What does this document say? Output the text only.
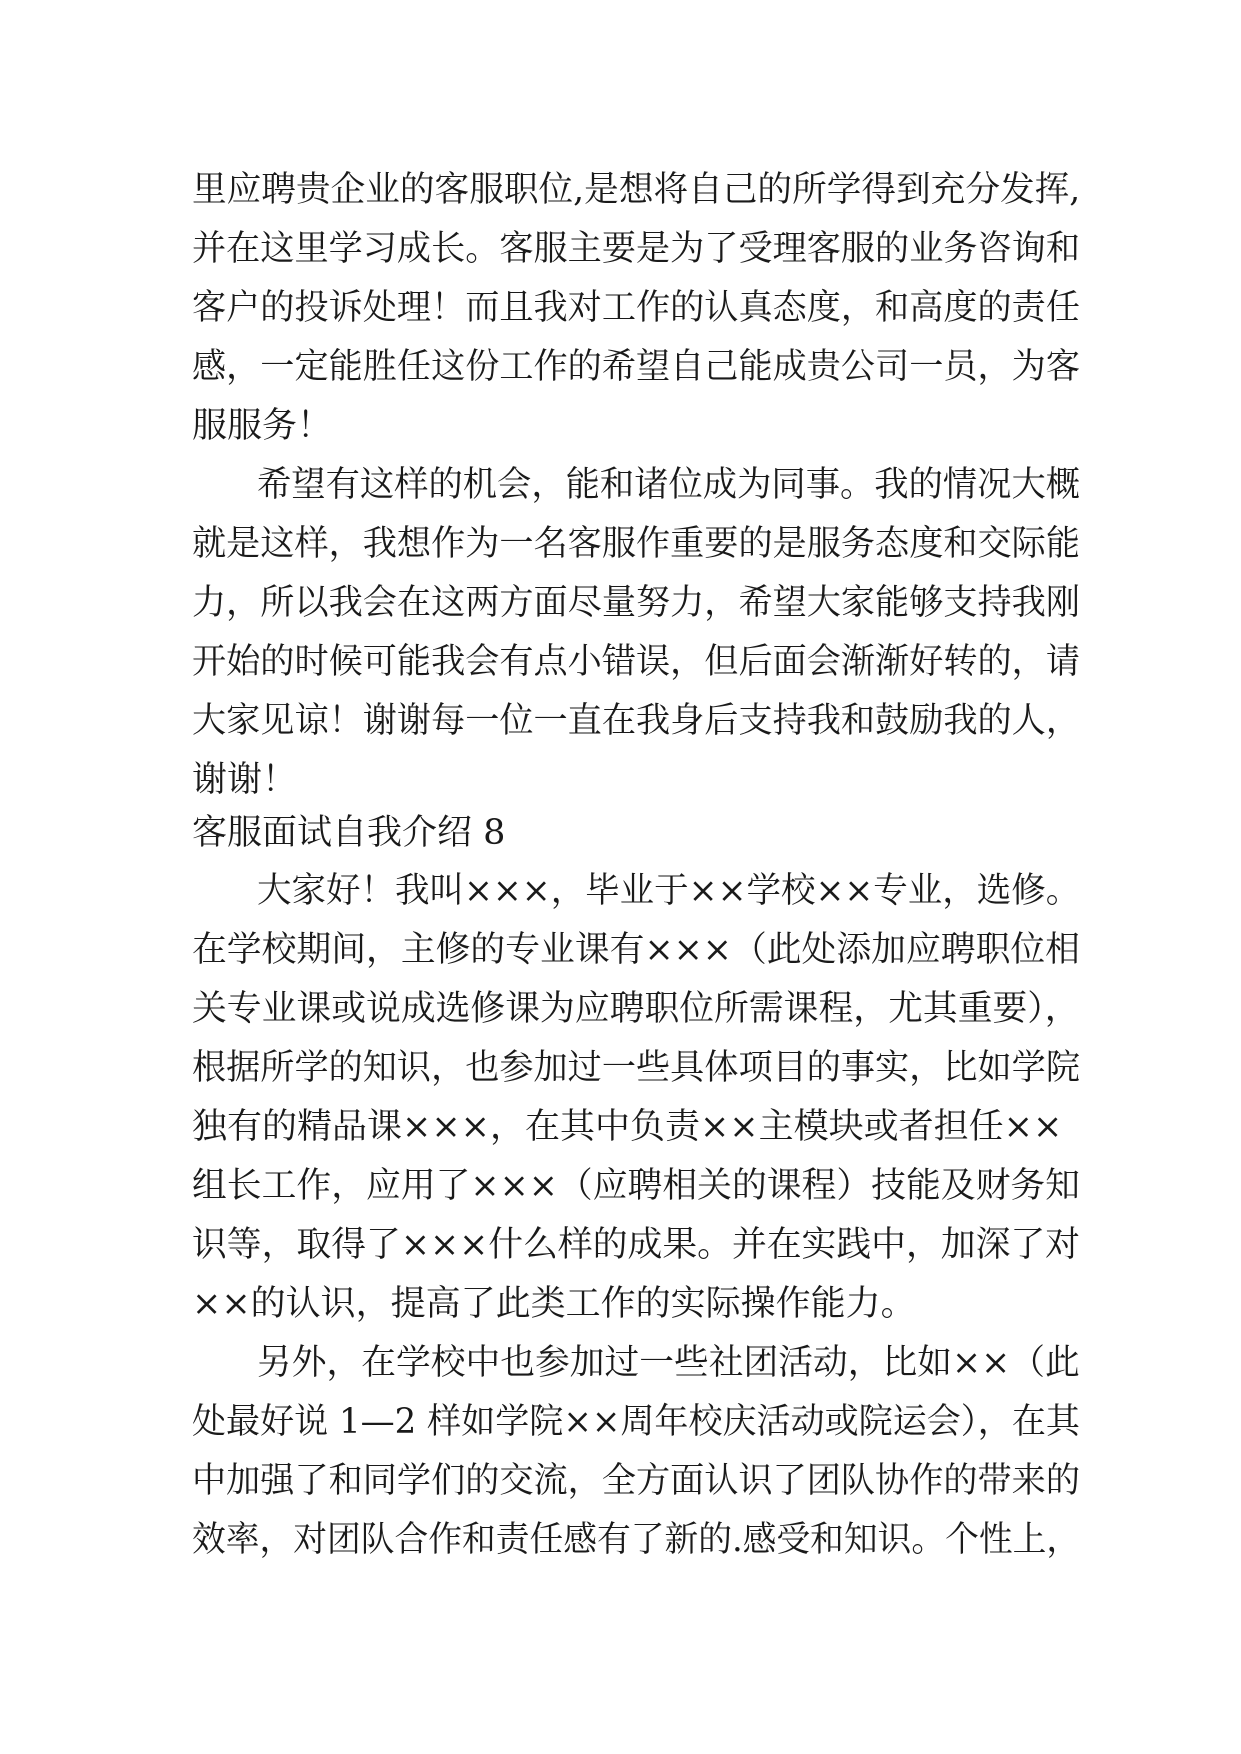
里应聘贵企业的客服职位,是想将自己的所学得到充分发挥,
并在这里学习成长。客服主要是为了受理客服的业务咨询和
客户的投诉处理！而且我对工作的认真态度，和高度的责任
感，一定能胜任这份工作的希望自己能成贵公司一员，为客
服服务！
希望有这样的机会，能和诸位成为同事。我的情况大概
就是这样，我想作为一名客服作重要的是服务态度和交际能
力，所以我会在这两方面尽量努力，希望大家能够支持我刚
开始的时候可能我会有点小错误，但后面会渐渐好转的，请
大家见谅！谢谢每一位一直在我身后支持我和鼓励我的人，
谢谢！
客服面试自我介绍 8
大家好！我叫×××，毕业于××学校××专业，选修。
在学校期间，主修的专业课有×××（此处添加应聘职位相
关专业课或说成选修课为应聘职位所需课程，尤其重要），
根据所学的知识，也参加过一些具体项目的事实，比如学院
独有的精品课×××，在其中负责××主模块或者担任××
组长工作，应用了×××（应聘相关的课程）技能及财务知
识等，取得了×××什么样的成果。并在实践中，加深了对
××的认识，提高了此类工作的实际操作能力。
另外，在学校中也参加过一些社团活动，比如××（此
处最好说 1—2 样如学院××周年校庆活动或院运会），在其
中加强了和同学们的交流，全方面认识了团队协作的带来的
效率，对团队合作和责任感有了新的.感受和知识。个性上，
